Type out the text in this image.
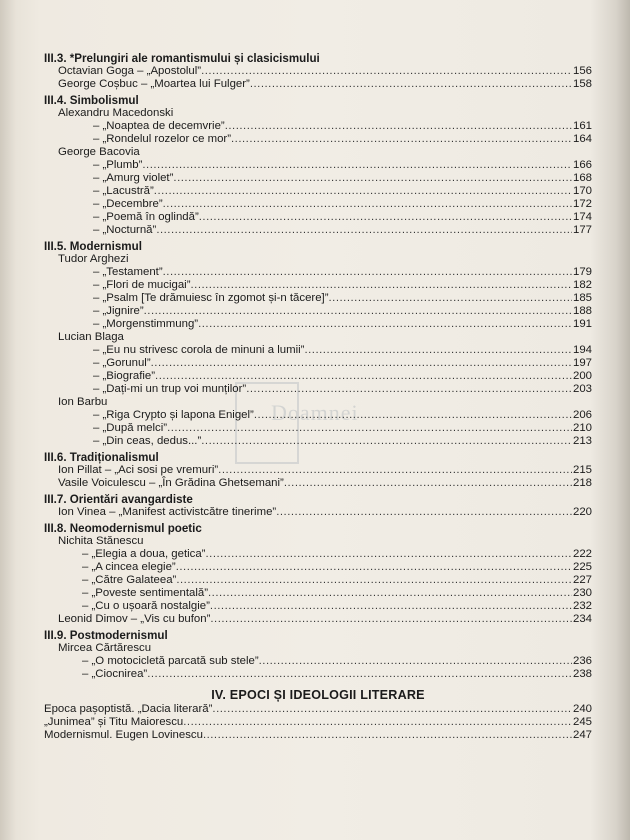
Doamnei
III.3. *Prelungiri ale romantismului și clasicismului
Octavian Goga – „Apostolul” .....	156
George Coșbuc – „Moartea lui Fulger” .....	158
III.4. Simbolismul
Alexandru Macedonski
– „Noaptea de decemvrie” .....	161
– „Rondelul rozelor ce mor” .....	164
George Bacovia
– „Plumb” .....	166
– „Amurg violet” .....	168
– „Lacustră” .....	170
– „Decembre” .....	172
– „Poemă în oglindă” .....	174
– „Nocturnă” .....	177
III.5. Modernismul
Tudor Arghezi
– „Testament” .....	179
– „Flori de mucigai” .....	182
– „Psalm [Te drămuiesc în zgomot și-n tăcere]” .....	185
– „Jignire” .....	188
– „Morgenstimmung” .....	191
Lucian Blaga
– „Eu nu strivesc corola de minuni a lumii” .....	194
– „Gorunul” .....	197
– „Biografie” .....	200
– „Dați-mi un trup voi munților” .....	203
Ion Barbu
– „Riga Crypto și lapona Enigel” .....	206
– „După melci” .....	210
– „Din ceas, dedus...” .....	213
III.6. Tradiționalismul
Ion Pillat – „Aci sosi pe vremuri” .....	215
Vasile Voiculescu – „În Grădina Ghetsemani” .....	218
III.7. Orientări avangardiste
Ion Vinea – „Manifest activistcătre tinerime” .....	220
III.8. Neomodernismul poetic
Nichita Stănescu
– „Elegia a doua, getica” .....	222
– „A cincea elegie” .....	225
– „Către Galateea” .....	227
– „Poveste sentimentală” .....	230
– „Cu o ușoară nostalgie” .....	232
Leonid Dimov – „Vis cu bufon” .....	234
III.9. Postmodernismul
Mircea Cărtărescu
– „O motocicletă parcată sub stele” .....	236
– „Ciocnirea” .....	238
IV. EPOCI ȘI IDEOLOGII LITERARE
Epoca pașoptistă. „Dacia literară” .....	240
„Junimea” și Titu Maiorescu .....	245
Modernismul. Eugen Lovinescu .....	247
